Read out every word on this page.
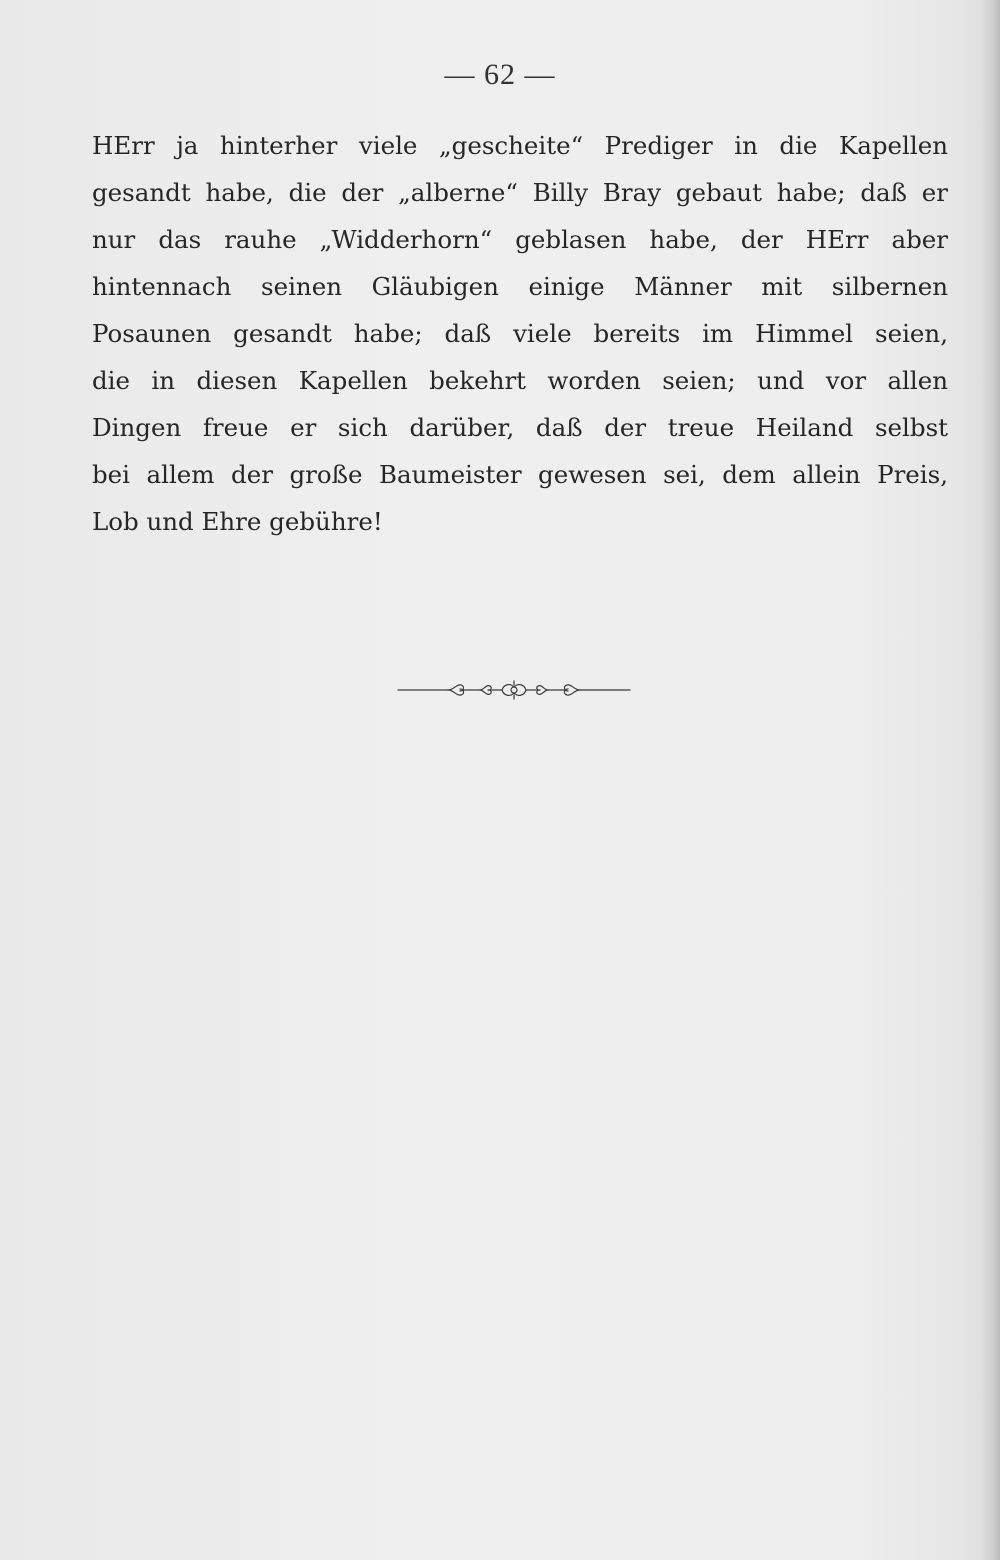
— 62 —
HErr ja hinterher viele „gescheite“ Prediger in die Kapellen
gesandt habe, die der „alberne“ Billy Bray gebaut habe; daß er
nur das rauhe „Widderhorn“ geblasen habe, der HErr aber
hintennach seinen Gläubigen einige Männer mit silbernen
Posaunen gesandt habe; daß viele bereits im Himmel seien,
die in diesen Kapellen bekehrt worden seien; und vor allen
Dingen freue er sich darüber, daß der treue Heiland selbst
bei allem der große Baumeister gewesen sei, dem allein Preis,
Lob und Ehre gebühre!
